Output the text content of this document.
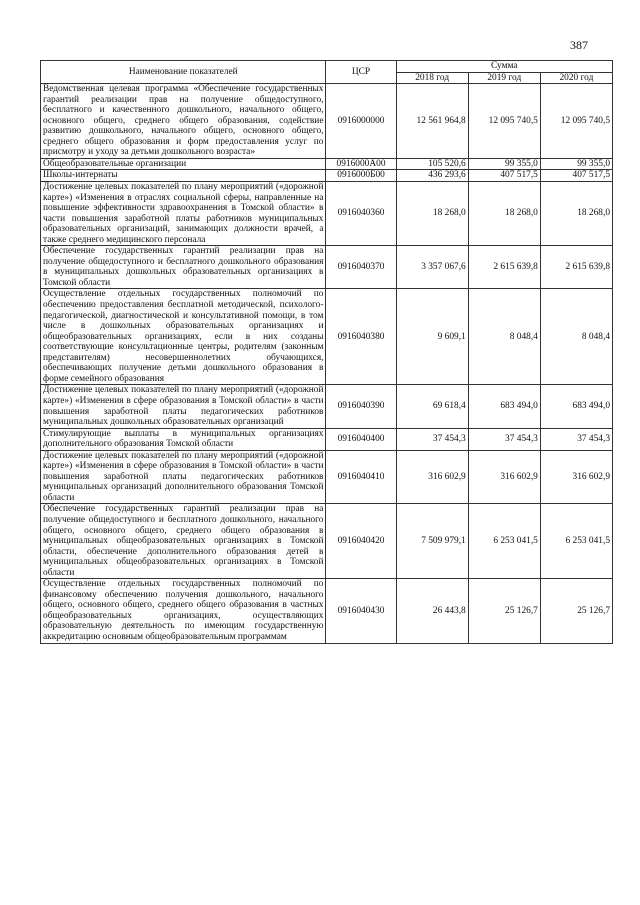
387
Наименование показателей	ЦСР	Сумма		
		2018 год	2019 год	2020 год
Ведомственная целевая программа «Обеспечение государственных гарантий реализации прав на получение общедоступного, бесплатного и качественного дошкольного, начального общего, основного общего, среднего общего образования, содействие развитию дошкольного, начального общего, основного общего, среднего общего образования и форм предоставления услуг по присмотру и уходу за детьми дошкольного возраста»	0916000000	12 561 964,8	12 095 740,5	12 095 740,5
Общеобразовательные организации	0916000А00	105 520,6	99 355,0	99 355,0
Школы-интернаты	0916000Б00	436 293,6	407 517,5	407 517,5
Достижение целевых показателей по плану мероприятий («дорожной карте») «Изменения в отраслях социальной сферы, направленные на повышение эффективности здравоохранения в Томской области» в части повышения заработной платы работников муниципальных образовательных организаций, занимающих должности врачей, а также среднего медицинского персонала	0916040360	18 268,0	18 268,0	18 268,0
Обеспечение государственных гарантий реализации прав на получение общедоступного и бесплатного дошкольного образования в муниципальных дошкольных образовательных организациях в Томской области	0916040370	3 357 067,6	2 615 639,8	2 615 639,8
Осуществление отдельных государственных полномочий по обеспечению предоставления бесплатной методической, психолого-педагогической, диагностической и консультативной помощи, в том числе в дошкольных образовательных организациях и общеобразовательных организациях, если в них созданы соответствующие консультационные центры, родителям (законным представителям) несовершеннолетних обучающихся, обеспечивающих получение детьми дошкольного образования в форме семейного образования	0916040380	9 609,1	8 048,4	8 048,4
Достижение целевых показателей по плану мероприятий («дорожной карте») «Изменения в сфере образования в Томской области» в части повышения заработной платы педагогических работников муниципальных дошкольных образовательных организаций	0916040390	69 618,4	683 494,0	683 494,0
Стимулирующие выплаты в муниципальных организациях дополнительного образования Томской области	0916040400	37 454,3	37 454,3	37 454,3
Достижение целевых показателей по плану мероприятий («дорожной карте») «Изменения в сфере образования в Томской области» в части повышения заработной платы педагогических работников муниципальных организаций дополнительного образования Томской области	0916040410	316 602,9	316 602,9	316 602,9
Обеспечение государственных гарантий реализации прав на получение общедоступного и бесплатного дошкольного, начального общего, основного общего, среднего общего образования в муниципальных общеобразовательных организациях в Томской области, обеспечение дополнительного образования детей в муниципальных общеобразовательных организациях в Томской области	0916040420	7 509 979,1	6 253 041,5	6 253 041,5
Осуществление отдельных государственных полномочий по финансовому обеспечению получения дошкольного, начального общего, основного общего, среднего общего образования в частных общеобразовательных организациях, осуществляющих образовательную деятельность по имеющим государственную аккредитацию основным общеобразовательным программам	0916040430	26 443,8	25 126,7	25 126,7
